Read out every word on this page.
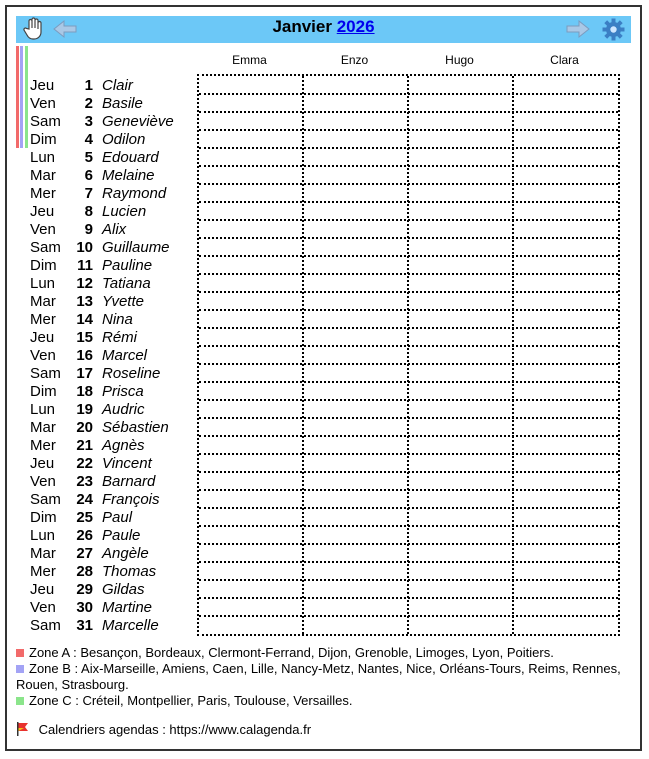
Janvier 2026
Emma	Enzo	Hugo	Clara
Jeu	1 Clair
Ven	2 Basile
Sam	3 Geneviève
Dim	4 Odilon
Lun	5 Edouard
Mar	6 Melaine
Mer	7 Raymond
Jeu	8 Lucien
Ven	9 Alix
Sam	10 Guillaume
Dim	11 Pauline
Lun	12 Tatiana
Mar	13 Yvette
Mer	14 Nina
Jeu	15 Rémi
Ven	16 Marcel
Sam	17 Roseline
Dim	18 Prisca
Lun	19 Audric
Mar	20 Sébastien
Mer	21 Agnès
Jeu	22 Vincent
Ven	23 Barnard
Sam	24 François
Dim	25 Paul
Lun	26 Paule
Mar	27 Angèle
Mer	28 Thomas
Jeu	29 Gildas
Ven	30 Martine
Sam	31 Marcelle
Zone A : Besançon, Bordeaux, Clermont-Ferrand, Dijon, Grenoble, Limoges, Lyon, Poitiers.
Zone B : Aix-Marseille, Amiens, Caen, Lille, Nancy-Metz, Nantes, Nice, Orléans-Tours, Reims, Rennes, Rouen, Strasbourg.
Zone C : Créteil, Montpellier, Paris, Toulouse, Versailles.
Calendriers agendas : https://www.calagenda.fr
